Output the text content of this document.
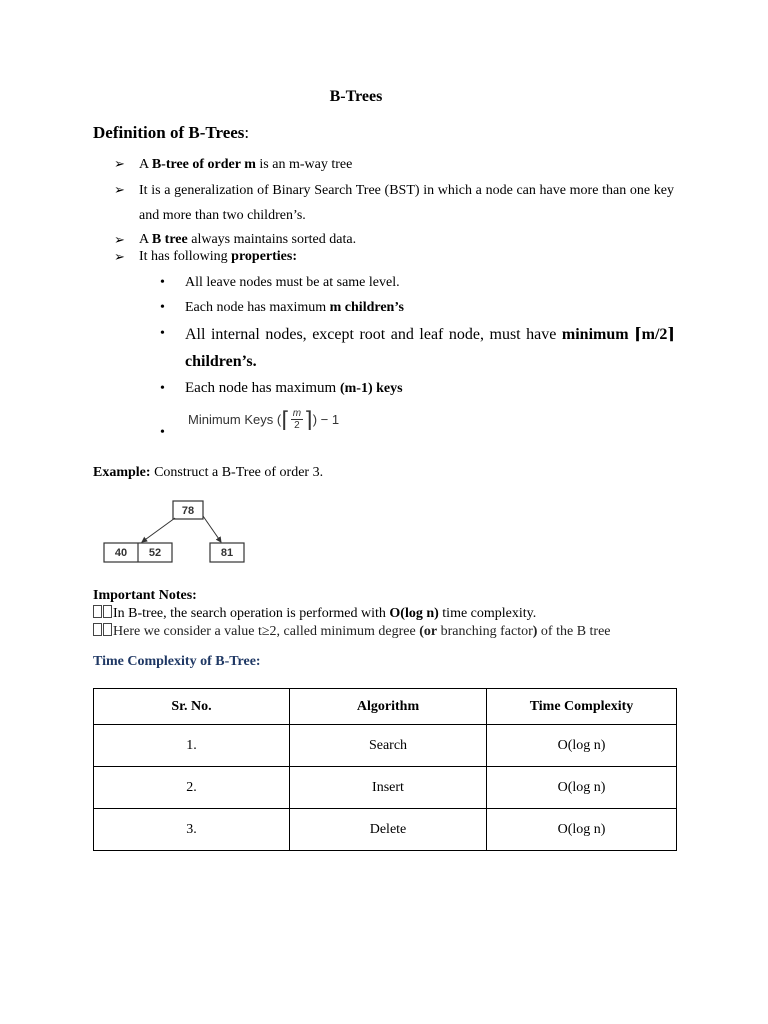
B-Trees
Definition of B-Trees:
➢ A B-tree of order m is an m-way tree
➢ It is a generalization of Binary Search Tree (BST) in which a node can have more than one key and more than two children’s.
➢ A B tree always maintains sorted data.
➢ It has following properties:
• All leave nodes must be at same level.
• Each node has maximum m children’s
• All internal nodes, except root and leaf node, must have minimum ⌈m/2⌉ children’s.
• Each node has maximum (m-1) keys
Minimum Keys ( ⌈ $\frac{m}{2}$ ⌉ ) − 1
•
Example: Construct a B-Tree of order 3.
78
40 52	81
Important Notes:
In B-tree, the search operation is performed with O(log n) time complexity.
Here we consider a value t≥2, called minimum degree (or branching factor) of the B tree
Time Complexity of B-Tree:
Sr. No.	Algorithm	Time Complexity
1.	Search	O(log n)
2.	Insert	O(log n)
3.	Delete	O(log n)
